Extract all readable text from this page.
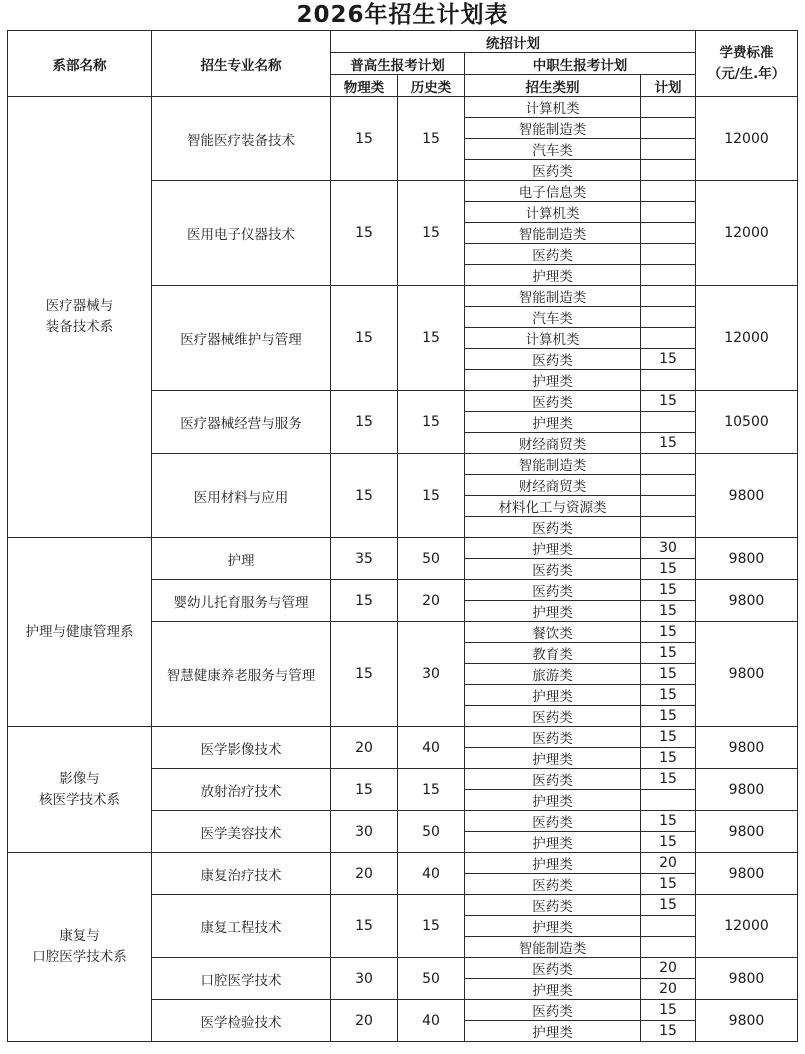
2026年招生计划表
系部名称	招生专业名称	统招计划				学费标准
（元/生.年）
		普高生报考计划		中职生报考计划		
		物理类	历史类	招生类别	计划	
医疗器械与
装备技术系	智能医疗装备技术	15	15	计算机类		12000
				智能制造类		
				汽车类		
				医药类		
	医用电子仪器技术	15	15	电子信息类		12000
				计算机类		
				智能制造类		
				医药类		
				护理类		
	医疗器械维护与管理	15	15	智能制造类		12000
				汽车类		
				计算机类		
				医药类	15	
				护理类		
	医疗器械经营与服务	15	15	医药类	15	10500
				护理类		
				财经商贸类	15	
	医用材料与应用	15	15	智能制造类		9800
				财经商贸类		
				材料化工与资源类		
				医药类		
护理与健康管理系	护理	35	50	护理类	30	9800
				医药类	15	
	婴幼儿托育服务与管理	15	20	医药类	15	9800
				护理类	15	
	智慧健康养老服务与管理	15	30	餐饮类	15	9800
				教育类	15	
				旅游类	15	
				护理类	15	
				医药类	15	
影像与
核医学技术系	医学影像技术	20	40	医药类	15	9800
				护理类	15	
	放射治疗技术	15	15	医药类	15	9800
				护理类		
	医学美容技术	30	50	医药类	15	9800
				护理类	15	
康复与
口腔医学技术系	康复治疗技术	20	40	护理类	20	9800
				医药类	15	
	康复工程技术	15	15	医药类	15	12000
				护理类		
				智能制造类		
	口腔医学技术	30	50	医药类	20	9800
				护理类	20	
	医学检验技术	20	40	医药类	15	9800
				护理类	15	
